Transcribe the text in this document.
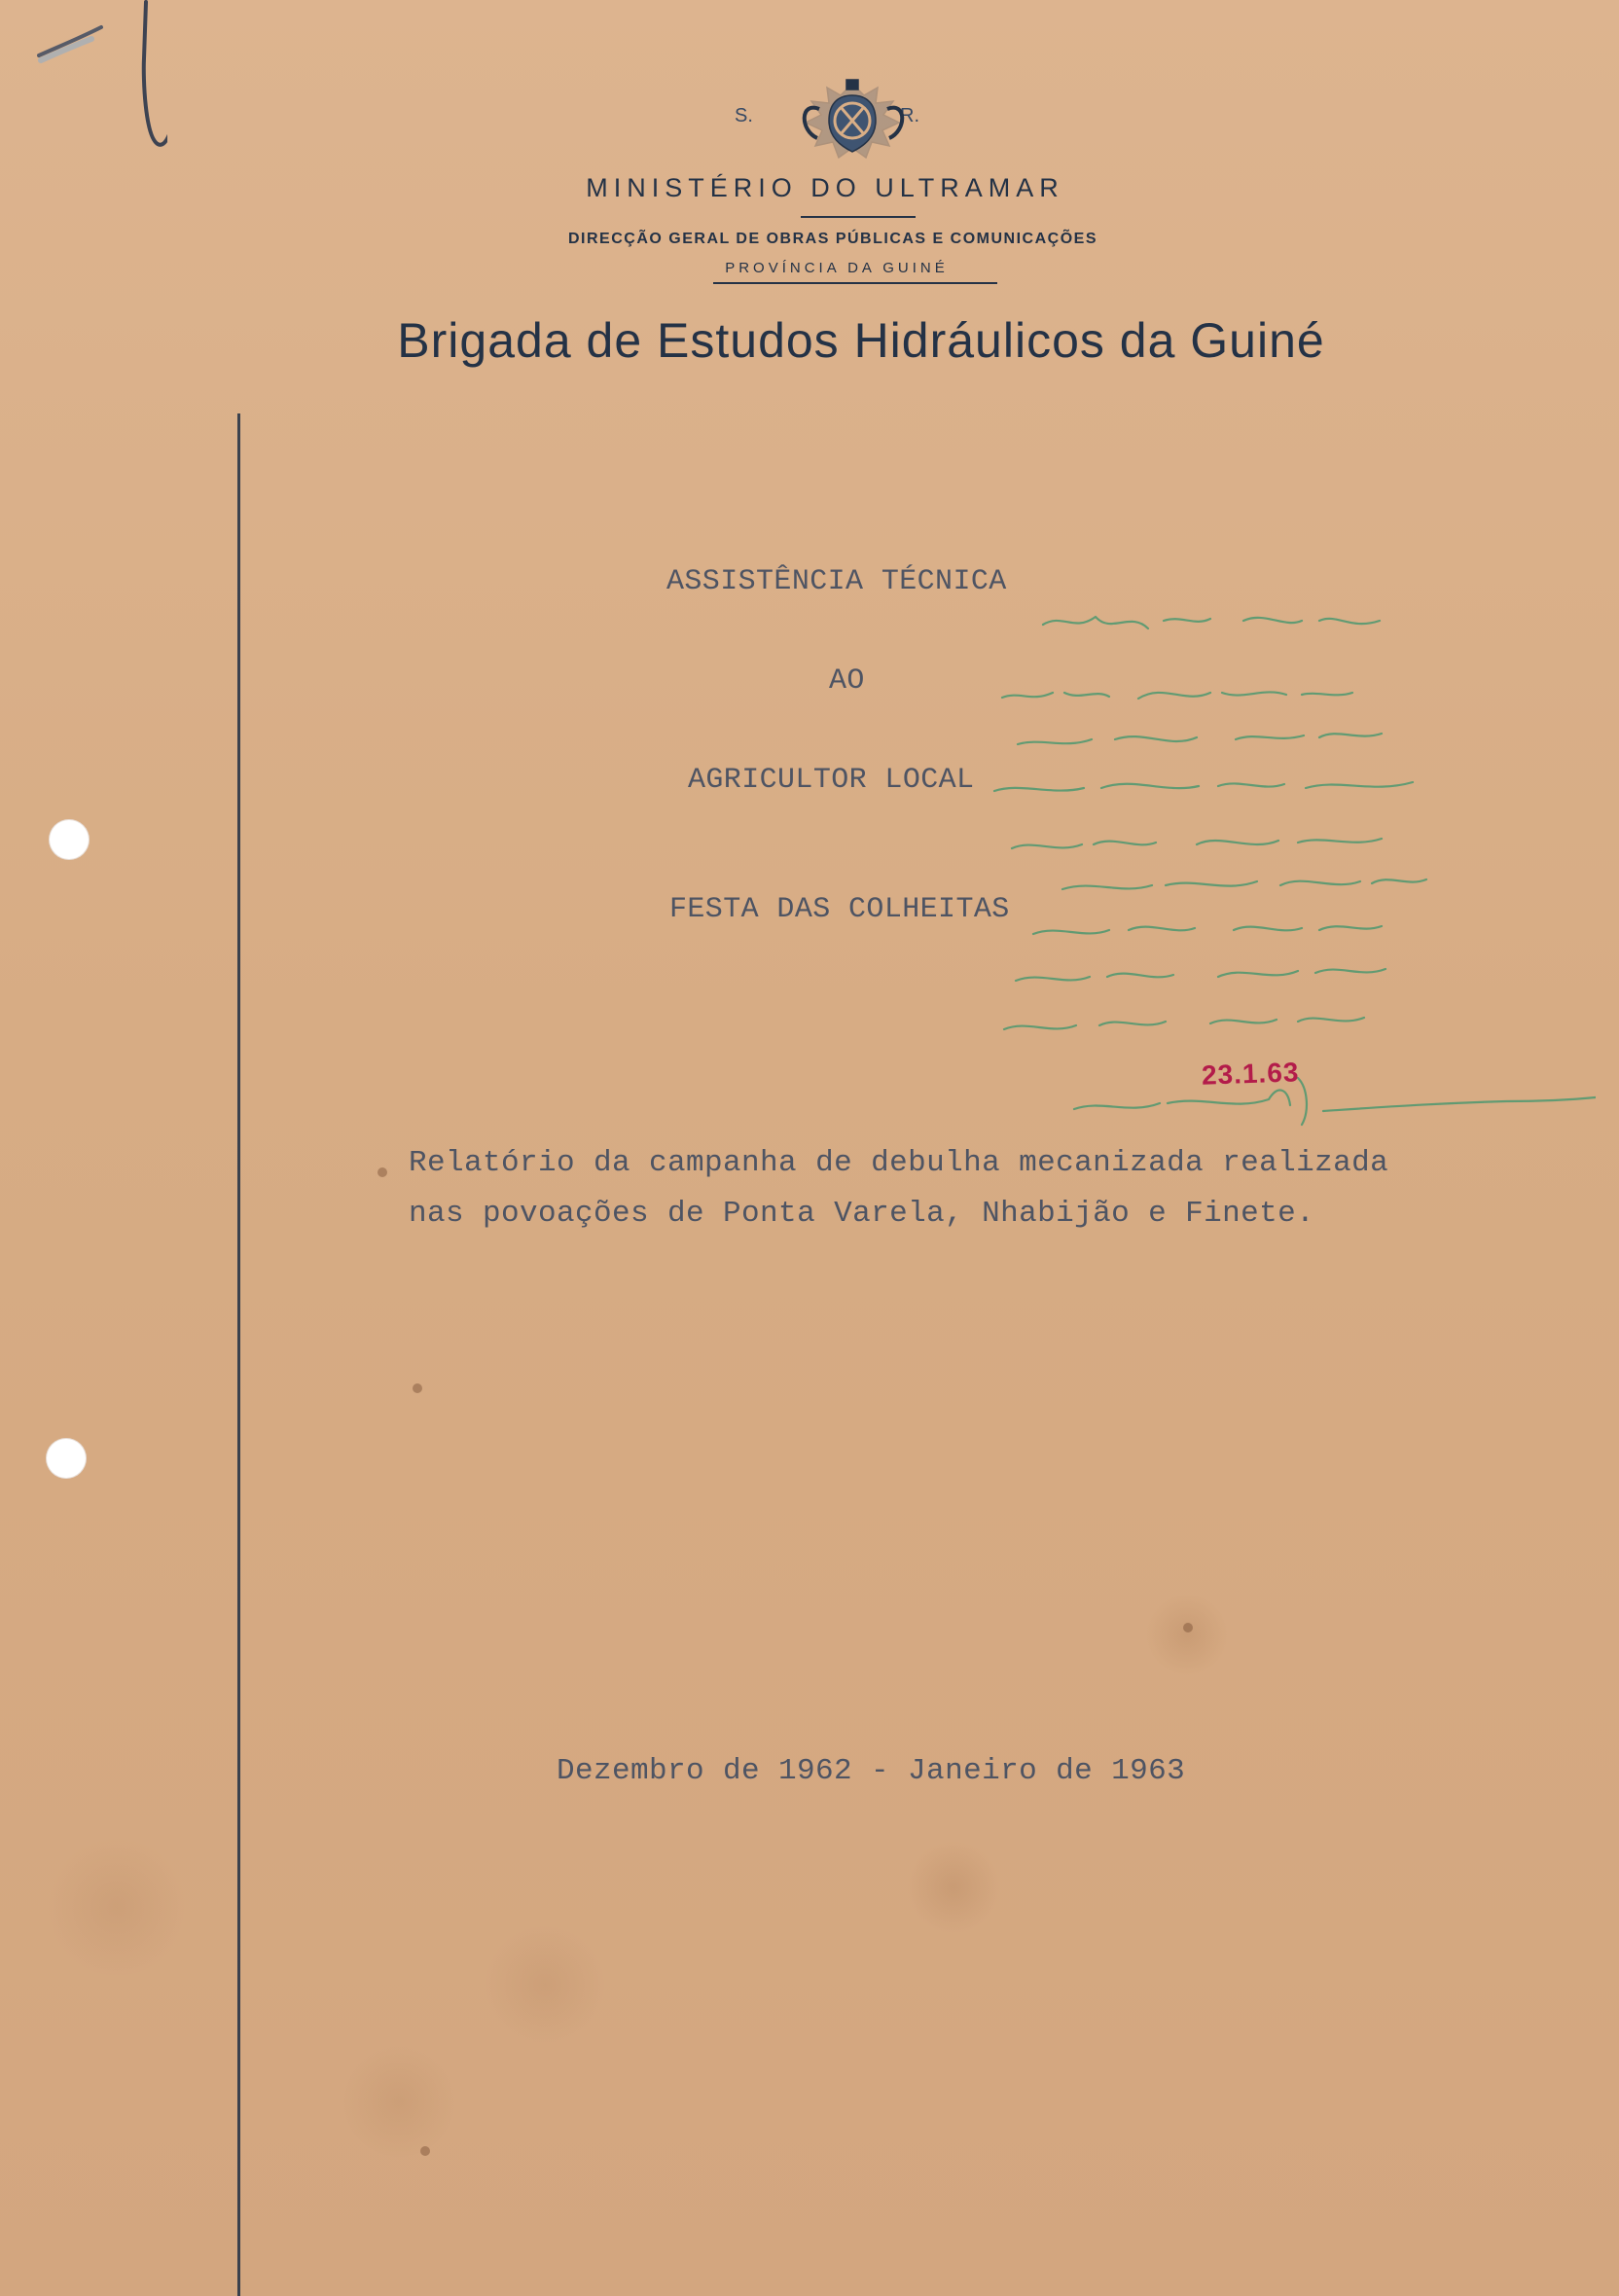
S.	R.
MINISTÉRIO DO ULTRAMAR
DIRECÇÃO GERAL DE OBRAS PÚBLICAS E COMUNICAÇÕES
PROVÍNCIA DA GUINÉ
Brigada de Estudos Hidráulicos da Guiné
ASSISTÊNCIA TÉCNICA
AO
AGRICULTOR LOCAL
FESTA DAS COLHEITAS
23.1.63
Relatório da campanha de debulha mecanizada realizada
nas povoações de Ponta Varela, Nhabijão e Finete.
Dezembro de 1962 - Janeiro de 1963
